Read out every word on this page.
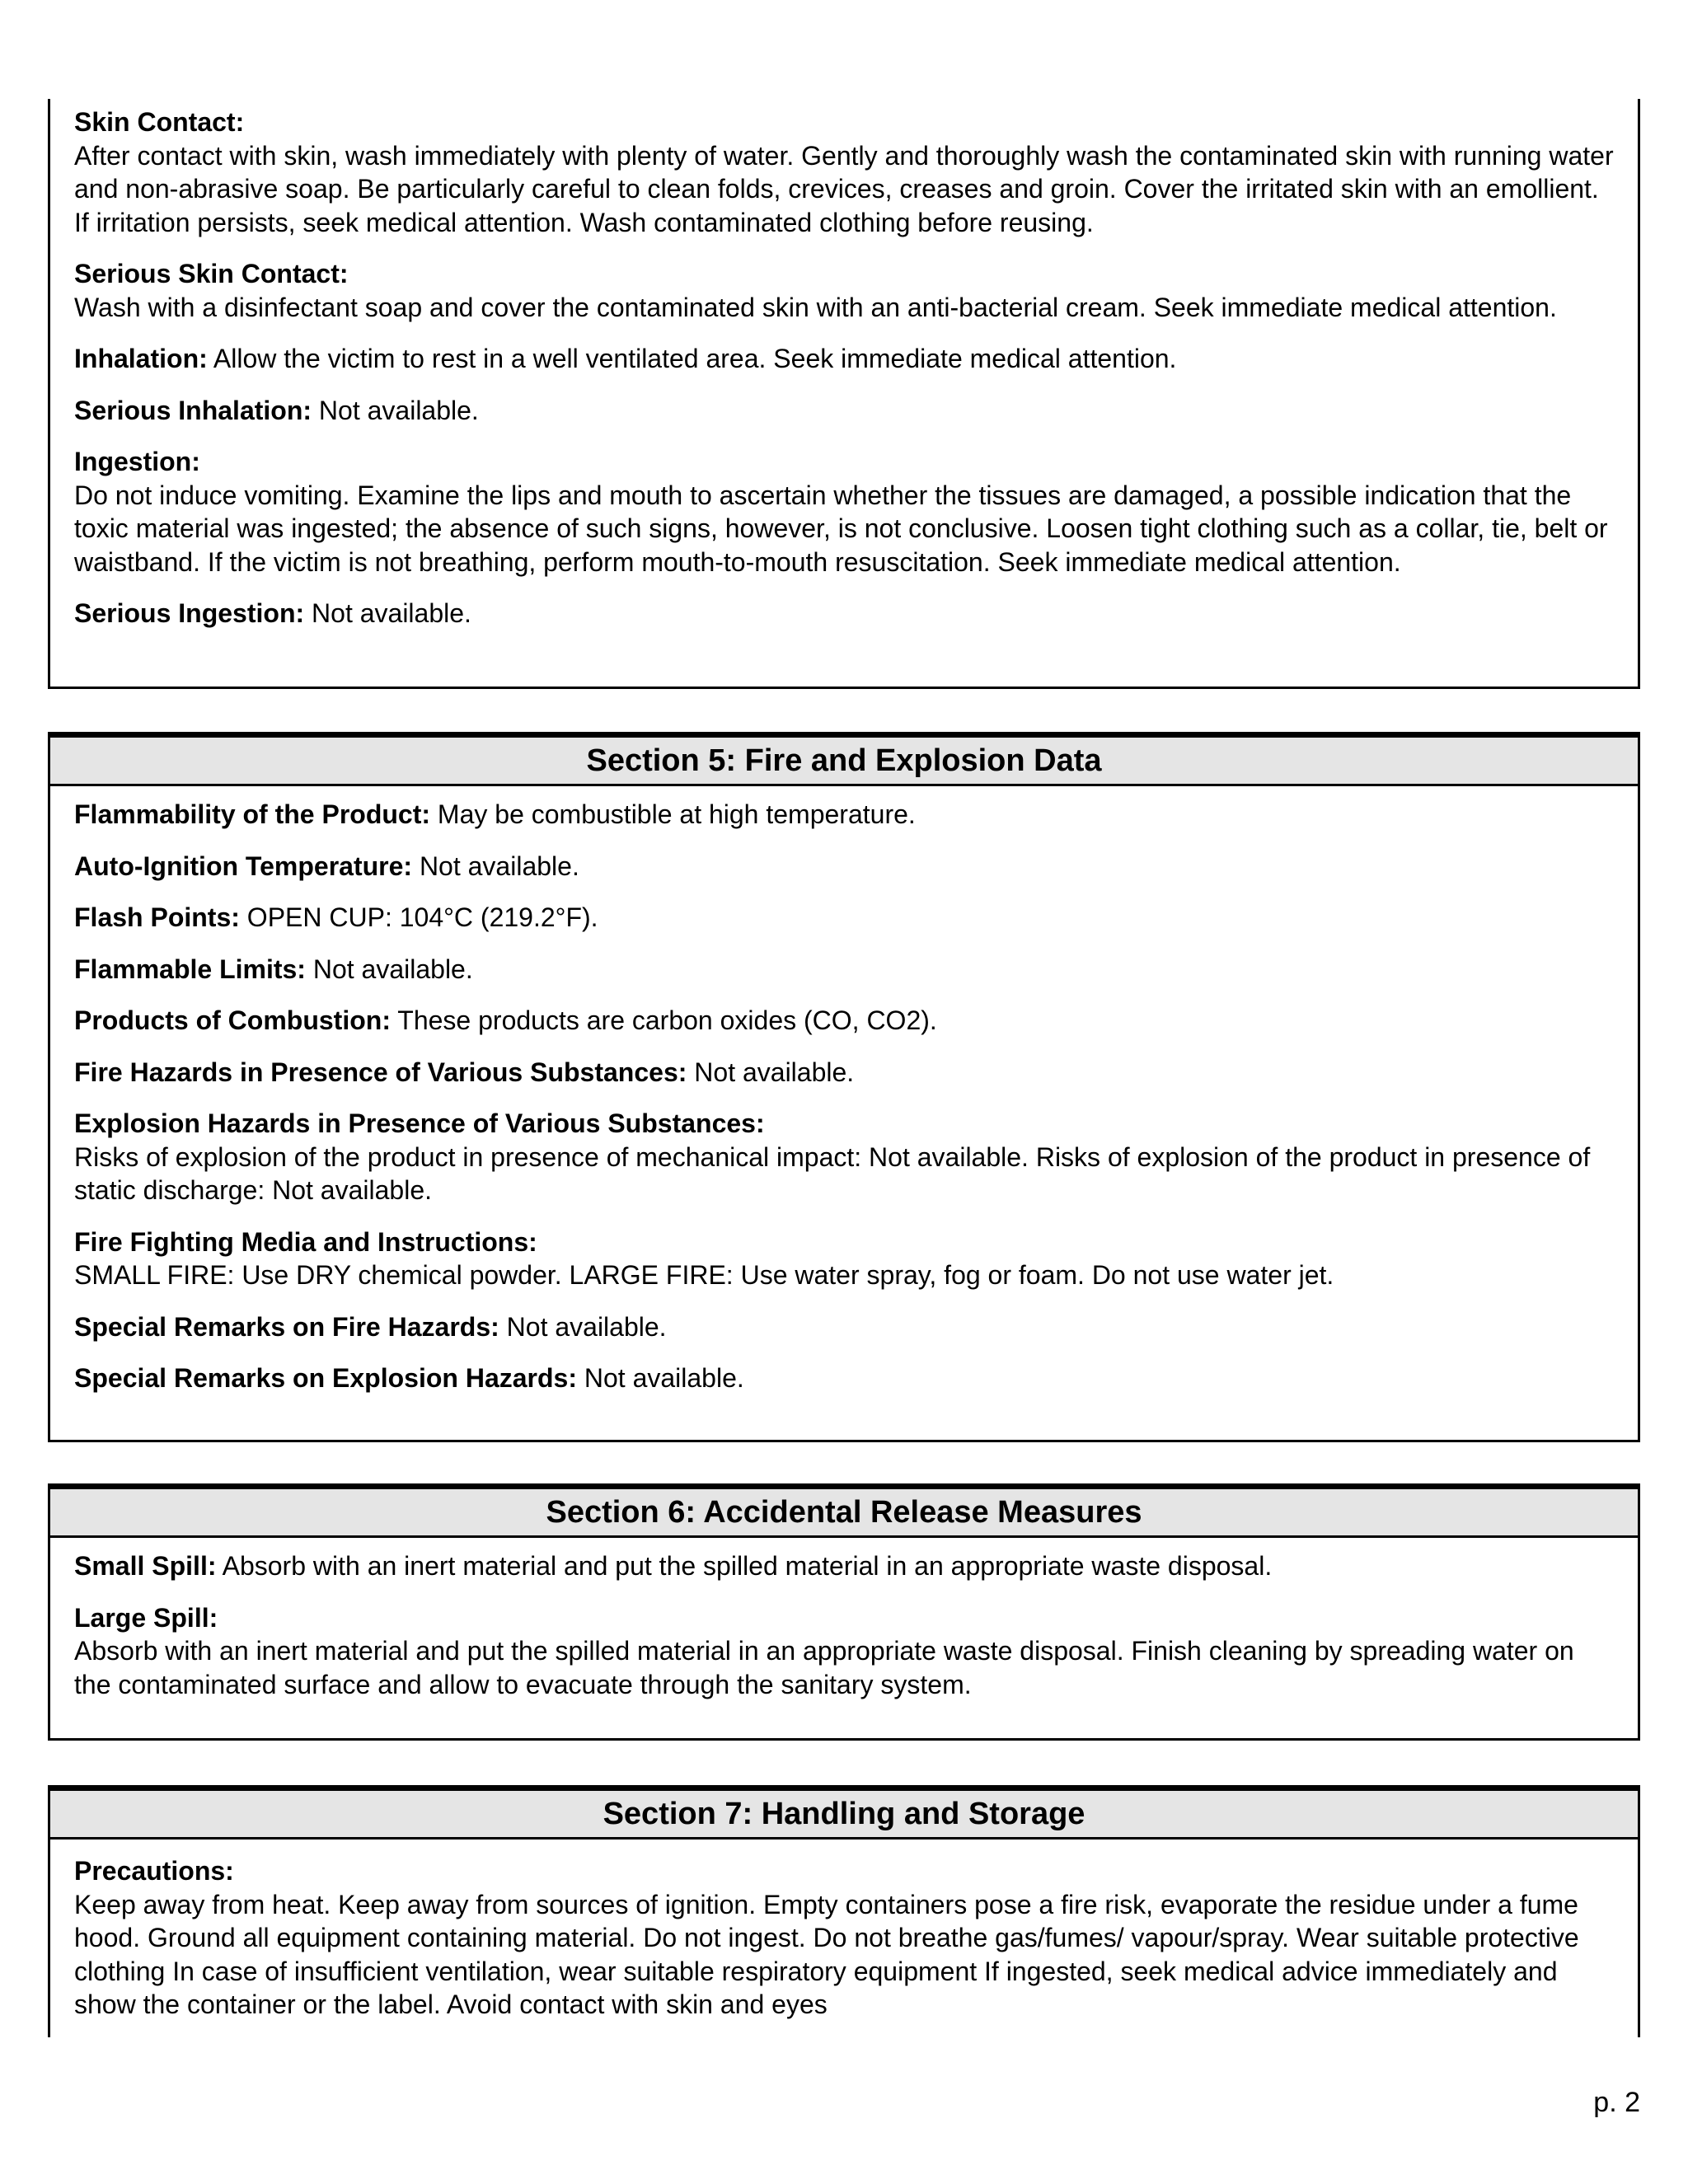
Skin Contact:
After contact with skin, wash immediately with plenty of water. Gently and thoroughly wash the contaminated skin with running water and non-abrasive soap. Be particularly careful to clean folds, crevices, creases and groin. Cover the irritated skin with an emollient. If irritation persists, seek medical attention. Wash contaminated clothing before reusing.
Serious Skin Contact:
Wash with a disinfectant soap and cover the contaminated skin with an anti-bacterial cream. Seek immediate medical attention.
Inhalation: Allow the victim to rest in a well ventilated area. Seek immediate medical attention.
Serious Inhalation: Not available.
Ingestion:
Do not induce vomiting. Examine the lips and mouth to ascertain whether the tissues are damaged, a possible indication that the toxic material was ingested; the absence of such signs, however, is not conclusive. Loosen tight clothing such as a collar, tie, belt or waistband. If the victim is not breathing, perform mouth-to-mouth resuscitation. Seek immediate medical attention.
Serious Ingestion: Not available.
Section 5: Fire and Explosion Data
Flammability of the Product: May be combustible at high temperature.
Auto-Ignition Temperature: Not available.
Flash Points: OPEN CUP: 104°C (219.2°F).
Flammable Limits: Not available.
Products of Combustion: These products are carbon oxides (CO, CO2).
Fire Hazards in Presence of Various Substances: Not available.
Explosion Hazards in Presence of Various Substances:
Risks of explosion of the product in presence of mechanical impact: Not available. Risks of explosion of the product in presence of static discharge: Not available.
Fire Fighting Media and Instructions:
SMALL FIRE: Use DRY chemical powder. LARGE FIRE: Use water spray, fog or foam. Do not use water jet.
Special Remarks on Fire Hazards: Not available.
Special Remarks on Explosion Hazards: Not available.
Section 6: Accidental Release Measures
Small Spill: Absorb with an inert material and put the spilled material in an appropriate waste disposal.
Large Spill:
Absorb with an inert material and put the spilled material in an appropriate waste disposal. Finish cleaning by spreading water on the contaminated surface and allow to evacuate through the sanitary system.
Section 7: Handling and Storage
Precautions:
Keep away from heat. Keep away from sources of ignition. Empty containers pose a fire risk, evaporate the residue under a fume hood. Ground all equipment containing material. Do not ingest. Do not breathe gas/fumes/ vapour/spray. Wear suitable protective clothing In case of insufficient ventilation, wear suitable respiratory equipment If ingested, seek medical advice immediately and show the container or the label. Avoid contact with skin and eyes
p. 2
